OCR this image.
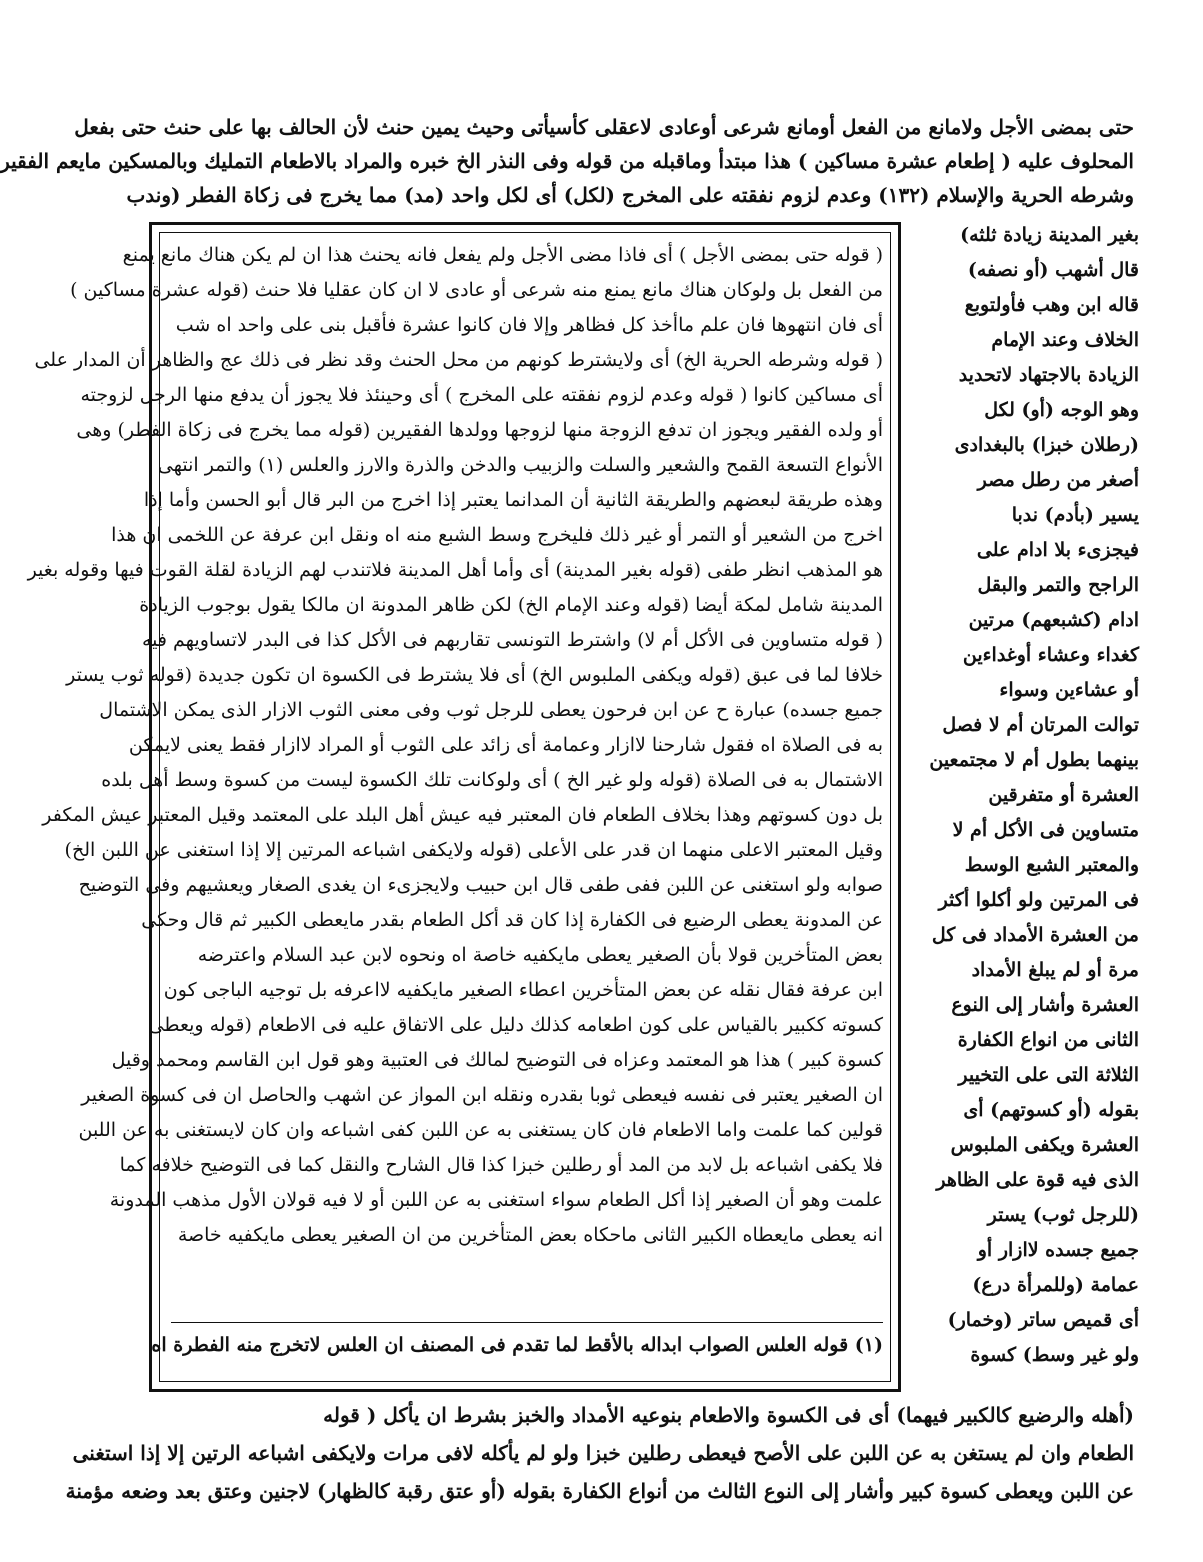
حتى بمضى الأجل ولامانع من الفعل أومانع شرعى أوعادى لاعقلى كأسيأتى وحيث يمين حنث لأن الحالف بها على حنث حتى بفعل
المحلوف عليه ( إطعام عشرة مساكين ) هذا مبتدأ وماقبله من قوله وفى النذر الخ خبره والمراد بالاطعام التمليك وبالمسكين مايعم الفقير
وشرطه الحرية والإسلام (١٣٢) وعدم لزوم نفقته على المخرج (لكل) أى لكل واحد (مد) مما يخرج فى زكاة الفطر (وندب
بغير المدينة زيادة ثلثه)
قال أشهب (أو نصفه)
قاله ابن وهب فأولتوبع
الخلاف وعند الإمام
الزيادة بالاجتهاد لاتحديد
وهو الوجه (أو) لكل
(رطلان خبزا) بالبغدادى
أصغر من رطل مصر
يسير (بأدم) ندبا
فيجزىء بلا ادام على
الراجح والتمر والبقل
ادام (كشبعهم) مرتين
كغداء وعشاء أوغداءين
أو عشاءين وسواء
توالت المرتان أم لا فصل
بينهما بطول أم لا مجتمعين
العشرة أو متفرقين
متساوين فى الأكل أم لا
والمعتبر الشبع الوسط
فى المرتين ولو أكلوا أكثر
من العشرة الأمداد فى كل
مرة أو لم يبلغ الأمداد
العشرة وأشار إلى النوع
الثانى من انواع الكفارة
الثلاثة التى على التخيير
بقوله (أو كسوتهم) أى
العشرة ويكفى الملبوس
الذى فيه قوة على الظاهر
(للرجل ثوب) يستر
جميع جسده لاازار أو
عمامة (وللمرأة درع)
أى قميص ساتر (وخمار)
ولو غير وسط) كسوة
( قوله حتى بمضى الأجل ) أى فاذا مضى الأجل ولم يفعل فانه يحنث هذا ان لم يكن هناك مانع يمنع
من الفعل بل ولوكان هناك مانع يمنع منه شرعى أو عادى لا ان كان عقليا فلا حنث (قوله عشرة مساكين )
أى فان انتهوها فان علم ماأخذ كل فظاهر وإلا فان كانوا عشرة فأقبل بنى على واحد اه شب
( قوله وشرطه الحرية الخ) أى ولايشترط كونهم من محل الحنث وقد نظر فى ذلك عج والظاهر أن المدار على
أى مساكين كانوا ( قوله وعدم لزوم نفقته على المخرج ) أى وحينئذ فلا يجوز أن يدفع منها الرجل لزوجته
أو ولده الفقير ويجوز ان تدفع الزوجة منها لزوجها وولدها الفقيرين (قوله مما يخرج فى زكاة الفطر) وهى
الأنواع التسعة القمح والشعير والسلت والزبيب والدخن والذرة والارز والعلس (١) والتمر انتهى
وهذه طريقة لبعضهم والطريقة الثانية أن المدانما يعتبر إذا اخرج من البر قال أبو الحسن وأما إذا
اخرج من الشعير أو التمر أو غير ذلك فليخرج وسط الشبع منه اه ونقل ابن عرفة عن اللخمى ان هذا
هو المذهب انظر طفى (قوله بغير المدينة) أى وأما أهل المدينة فلاتندب لهم الزيادة لقلة القوت فيها وقوله بغير
المدينة شامل لمكة أيضا (قوله وعند الإمام الخ) لكن ظاهر المدونة ان مالكا يقول بوجوب الزيادة
( قوله متساوين فى الأكل أم لا) واشترط التونسى تقاربهم فى الأكل كذا فى البدر لاتساويهم فيه
خلافا لما فى عبق (قوله ويكفى الملبوس الخ) أى فلا يشترط فى الكسوة ان تكون جديدة (قوله ثوب يستر
جميع جسده) عبارة ح عن ابن فرحون يعطى للرجل ثوب وفى معنى الثوب الازار الذى يمكن الاشتمال
به فى الصلاة اه فقول شارحنا لاازار وعمامة أى زائد على الثوب أو المراد لاازار فقط يعنى لايمكن
الاشتمال به فى الصلاة (قوله ولو غير الخ ) أى ولوكانت تلك الكسوة ليست من كسوة وسط أهل بلده
بل دون كسوتهم وهذا بخلاف الطعام فان المعتبر فيه عيش أهل البلد على المعتمد وقيل المعتبر عيش المكفر
وقيل المعتبر الاعلى منهما ان قدر على الأعلى (قوله ولايكفى اشباعه المرتين إلا إذا استغنى عن اللبن الخ)
صوابه ولو استغنى عن اللبن ففى طفى قال ابن حبيب ولايجزىء ان يغدى الصغار ويعشيهم وفى التوضيح
عن المدونة يعطى الرضيع فى الكفارة إذا كان قد أكل الطعام بقدر مايعطى الكبير ثم قال وحكى
بعض المتأخرين قولا بأن الصغير يعطى مايكفيه خاصة اه ونحوه لابن عبد السلام واعترضه
ابن عرفة فقال نقله عن بعض المتأخرين اعطاء الصغير مايكفيه لااعرفه بل توجيه الباجى كون
كسوته ككبير بالقياس على كون اطعامه كذلك دليل على الاتفاق عليه فى الاطعام (قوله ويعطى
كسوة كبير ) هذا هو المعتمد وعزاه فى التوضيح لمالك فى العتبية وهو قول ابن القاسم ومحمد وقيل
ان الصغير يعتبر فى نفسه فيعطى ثوبا بقدره ونقله ابن المواز عن اشهب والحاصل ان فى كسوة الصغير
قولين كما علمت واما الاطعام فان كان يستغنى به عن اللبن كفى اشباعه وان كان لايستغنى به عن اللبن
فلا يكفى اشباعه بل لابد من المد أو رطلين خبزا كذا قال الشارح والنقل كما فى التوضيح خلافه كما
علمت وهو أن الصغير إذا أكل الطعام سواء استغنى به عن اللبن أو لا فيه قولان الأول مذهب المدونة
انه يعطى مايعطاه الكبير الثانى ماحكاه بعض المتأخرين من ان الصغير يعطى مايكفيه خاصة
(١) قوله العلس الصواب ابداله بالأقط لما تقدم فى المصنف ان العلس لاتخرج منه الفطرة اه
(أهله والرضيع كالكبير فيهما) أى فى الكسوة والاطعام بنوعيه الأمداد والخبز بشرط ان يأكل ( قوله
الطعام وان لم يستغن به عن اللبن على الأصح فيعطى رطلين خبزا ولو لم يأكله لافى مرات ولايكفى اشباعه الرتين إلا إذا استغنى
عن اللبن ويعطى كسوة كبير وأشار إلى النوع الثالث من أنواع الكفارة بقوله (أو عتق رقبة كالظهار) لاجنين وعتق بعد وضعه مؤمنة
